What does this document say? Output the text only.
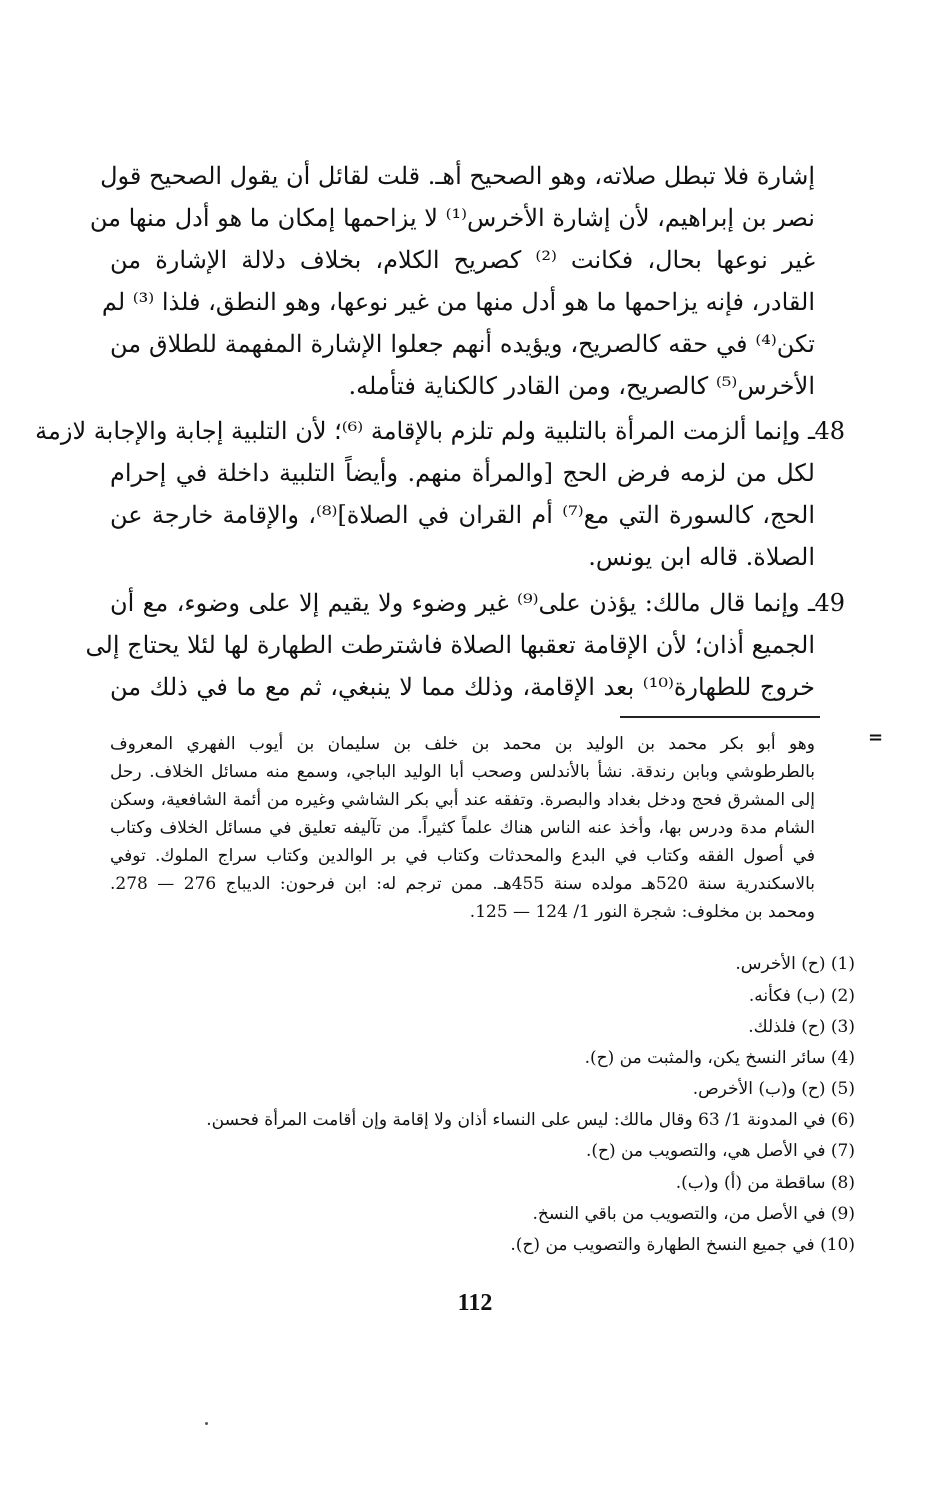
إشارة فلا تبطل صلاته، وهو الصحيح أهـ. قلت لقائل أن يقول الصحيح قول
نصر بن إبراهيم، لأن إشارة الأخرس⁽¹⁾ لا يزاحمها إمكان ما هو أدل منها من
غير نوعها بحال، فكانت ⁽²⁾ كصريح الكلام، بخلاف دلالة الإشارة من
القادر، فإنه يزاحمها ما هو أدل منها من غير نوعها، وهو النطق، فلذا ⁽³⁾ لم
تكن⁽⁴⁾ في حقه كالصريح، ويؤيده أنهم جعلوا الإشارة المفهمة للطلاق من
الأخرس⁽⁵⁾ كالصريح، ومن القادر كالكناية فتأمله.
48
ـ وإنما ألزمت المرأة بالتلبية ولم تلزم بالإقامة ⁽⁶⁾؛ لأن التلبية إجابة والإجابة لازمة
لكل من لزمه فرض الحج [والمرأة منهم. وأيضاً التلبية داخلة في إحرام
الحج، كالسورة التي مع⁽⁷⁾ أم القران في الصلاة]⁽⁸⁾، والإقامة خارجة عن
الصلاة. قاله ابن يونس.
49
ـ وإنما قال مالك: يؤذن على⁽⁹⁾ غير وضوء ولا يقيم إلا على وضوء، مع أن
الجميع أذان؛ لأن الإقامة تعقبها الصلاة فاشترطت الطهارة لها لئلا يحتاج إلى
خروج للطهارة⁽¹⁰⁾ بعد الإقامة، وذلك مما لا ينبغي، ثم مع ما في ذلك من
=
وهو أبو بكر محمد بن الوليد بن محمد بن خلف بن سليمان بن أيوب الفهري المعروف
بالطرطوشي وبابن رندقة. نشأ بالأندلس وصحب أبا الوليد الباجي، وسمع منه مسائل الخلاف. رحل
إلى المشرق فحج ودخل بغداد والبصرة. وتفقه عند أبي بكر الشاشي وغيره من أئمة الشافعية، وسكن
الشام مدة ودرس بها، وأخذ عنه الناس هناك علماً كثيراً. من تآليفه تعليق في مسائل الخلاف وكتاب
في أصول الفقه وكتاب في البدع والمحدثات وكتاب في بر الوالدين وكتاب سراج الملوك. توفي
بالاسكندرية سنة 520هـ مولده سنة 455هـ. ممن ترجم له: ابن فرحون: الديباج 276 — 278.
ومحمد بن مخلوف: شجرة النور 1/ 124 — 125.
(1) (ح) الأخرس.
(2) (ب) فكأنه.
(3) (ح) فلذلك.
(4) سائر النسخ يكن، والمثبت من (ح).
(5) (ح) و(ب) الأخرص.
(6) في المدونة 1/ 63 وقال مالك: ليس على النساء أذان ولا إقامة وإن أقامت المرأة فحسن.
(7) في الأصل هي، والتصويب من (ح).
(8) ساقطة من (أ) و(ب).
(9) في الأصل من، والتصويب من باقي النسخ.
(10) في جميع النسخ الطهارة والتصويب من (ح).
112
